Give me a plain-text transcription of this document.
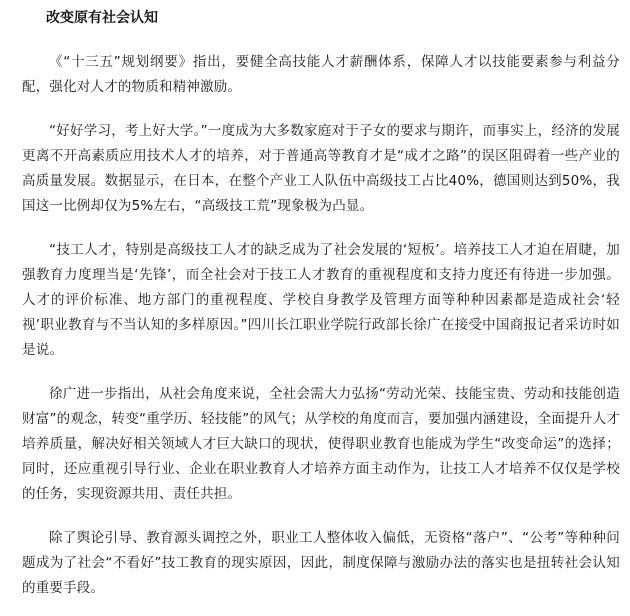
改变原有社会认知

《“十三五”规划纲要》指出，要健全高技能人才薪酬体系，保障人才以技能要素参与利益分配，强化对人才的物质和精神激励。

“好好学习，考上好大学。”一度成为大多数家庭对于子女的要求与期许，而事实上，经济的发展更离不开高素质应用技术人才的培养，对于普通高等教育才是“成才之路”的误区阻碍着一些产业的高质量发展。数据显示，在日本，在整个产业工人队伍中高级技工占比40%，德国则达到50%，我国这一比例却仅为5%左右，“高级技工荒”现象极为凸显。

“技工人才，特别是高级技工人才的缺乏成为了社会发展的‘短板’。培养技工人才迫在眉睫，加强教育力度理当是‘先锋’，而全社会对于技工人才教育的重视程度和支持力度还有待进一步加强。人才的评价标准、地方部门的重视程度、学校自身教学及管理方面等种种因素都是造成社会‘轻视’职业教育与不当认知的多样原因。”四川长江职业学院行政部长徐广在接受中国商报记者采访时如是说。

徐广进一步指出，从社会角度来说，全社会需大力弘扬“劳动光荣、技能宝贵、劳动和技能创造财富”的观念，转变“重学历、轻技能”的风气；从学校的角度而言，要加强内涵建设，全面提升人才培养质量，解决好相关领域人才巨大缺口的现状，使得职业教育也能成为学生“改变命运”的选择；同时，还应重视引导行业、企业在职业教育人才培养方面主动作为，让技工人才培养不仅仅是学校的任务，实现资源共用、责任共担。

除了舆论引导、教育源头调控之外，职业工人整体收入偏低，无资格“落户”、“公考”等种种问题成为了社会“不看好”技工教育的现实原因，因此，制度保障与激励办法的落实也是扭转社会认知的重要手段。
